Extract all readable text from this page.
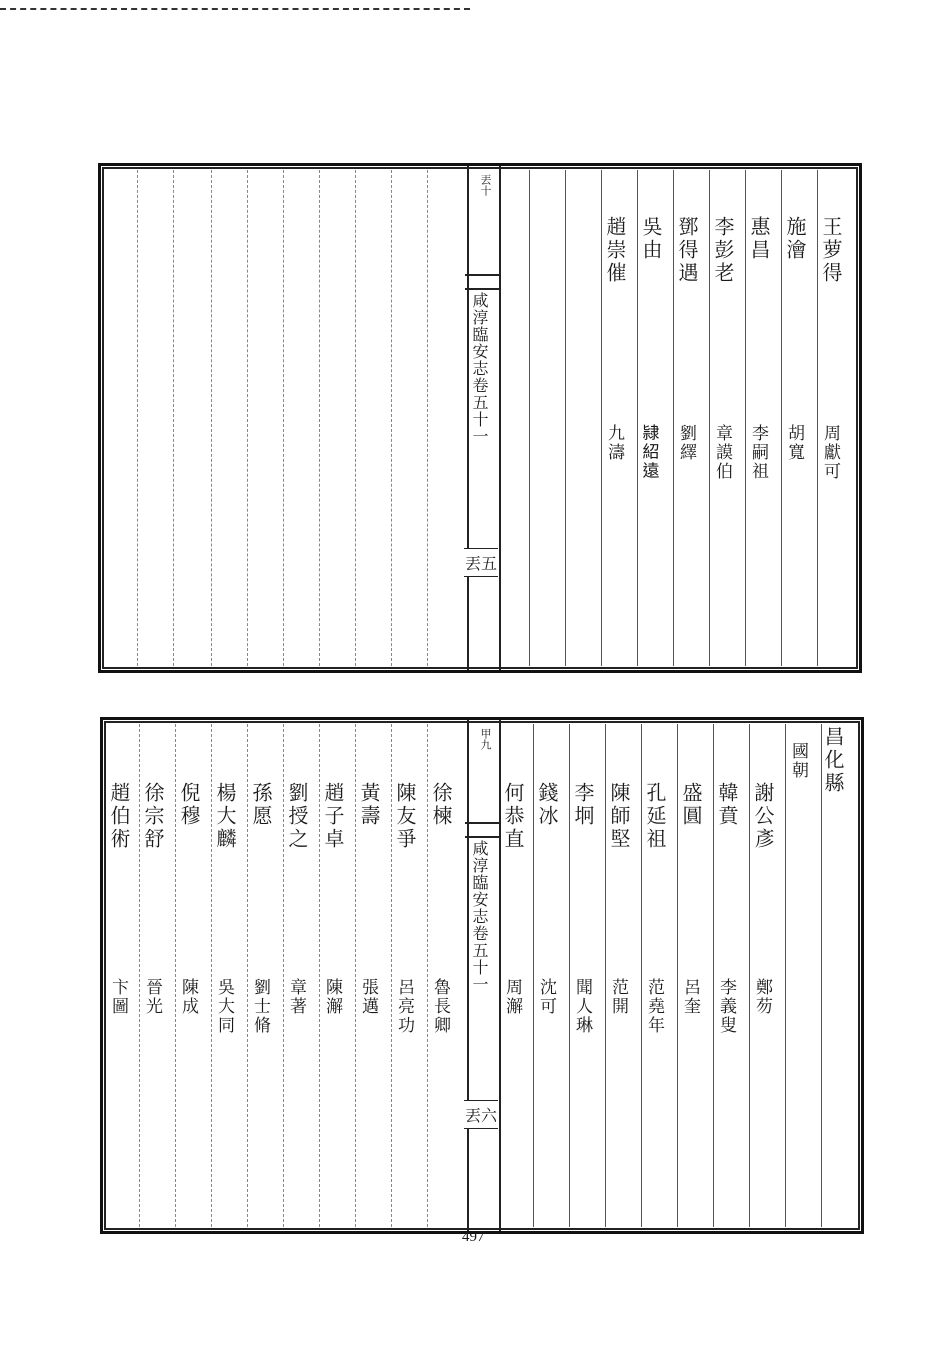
丟十
咸淳臨安志卷五十一
丟五
王萝得
周獻可
施澮
胡寬
惠昌
李嗣祖
李彭老
章謨伯
鄧得遇
劉繹
吳由
𨽻紹遠
趙崇催
九濤
甲九
咸淳臨安志卷五十一
丟六
昌化縣
國朝
謝公彥
鄭芴
韓賁
李義叟
盛圓
呂奎
孔延祖
范堯年
陳師堅
范開
李坰
聞人琳
錢冰
沈可
何恭直
周澥
徐楝
魯長卿
陳友爭
呂亮功
黃壽
張邁
趙子卓
陳澥
劉授之
章著
孫愿
劉士脩
楊大麟
吳大同
倪穆
陳成
徐宗舒
晉光
趙伯術
卞圖
497
